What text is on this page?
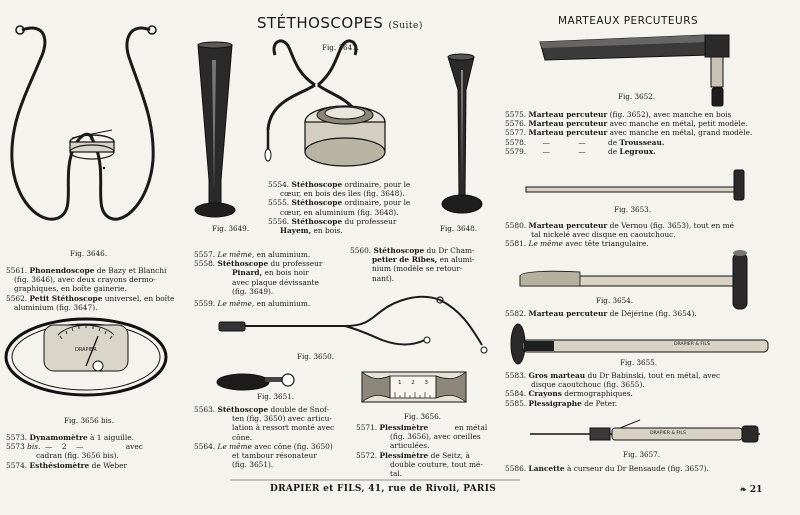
STÉTHOSCOPES (Suite)	MARTEAUX PERCUTEURS
DRAPIER
1 2 3
DRAPIER & FILS
DRAPIER & FILS
Fig. 3646.
Fig. 3647.
Fig. 3648.
Fig. 3649.
Fig. 3650.
Fig. 3651.
Fig. 3652.
Fig. 3653.
Fig. 3654.
Fig. 3655.
Fig. 3656.
Fig. 3656 bis.
Fig. 3657.
5561. Phonendoscope de Bazy et Blanchi
(fig. 3646), avec deux crayons dermo-
graphiques, en boîte gainerie.
5562. Petit Stéthoscope universel, en boîte
aluminium (fig. 3647).
5573. Dynamomètre à 1 aiguille.
5573 bis. — 2 —	avec
cadran (fig. 3656 bis).
5574. Esthésiomètre de Weber
5554. Stéthoscope ordinaire, pour le
cœur, en bois des îles (fig. 3648).
5555. Stéthoscope ordinaire, pour le
cœur, en aluminium (fig. 3648).
5556. Stéthoscope du professeur
Hayem, en bois.
5557. Le même, en aluminium.
5558. Stéthoscope du professeur
Pinard, en bois noir
avec plaque dévissante
(fig. 3649).
5559. Le même, en aluminium.
5560. Stéthoscope du Dr Cham-
petier de Ribes, en alumi-
nium (modèle se retour-
nant).
5563. Stéthoscope double de Snof-
ten (fig. 3650) avec articu-
lation à ressort monté avec
cône.
5564. Le même avec cône (fig. 3650)
et tambour résonateur
(fig. 3651).
5571. Plessimètre	en métal
(fig. 3656), avec oreilles
articulées.
5572. Plessimètre de Seitz, à
double couture, tout mé-
tal.
5575. Marteau percuteur (fig. 3652), avec manche en bois
5576. Marteau percuteur avec manche en métal, petit modèle.
5577. Marteau percuteur avec manche en métal, grand modèle.
5578. —	—	de Trousseau.
5579. —	—	de Legroux.
5580. Marteau percuteur de Vernou (fig. 3653), tout en mé
tal nickelé avec disque en caoutchouc.
5581. Le même avec tête triangulaire.
5582. Marteau percuteur de Déjérine (fig. 3654).
5583. Gros marteau du Dr Babinski, tout en métal, avec
disque caoutchouc (fig. 3655).
5584. Crayons dermographiques.
5585. Plessigraphe de Peter.
5586. Lancette à curseur du Dr Bensaude (fig. 3657).
DRAPIER et FILS, 41, rue de Rivoli, PARIS	❧ 21
